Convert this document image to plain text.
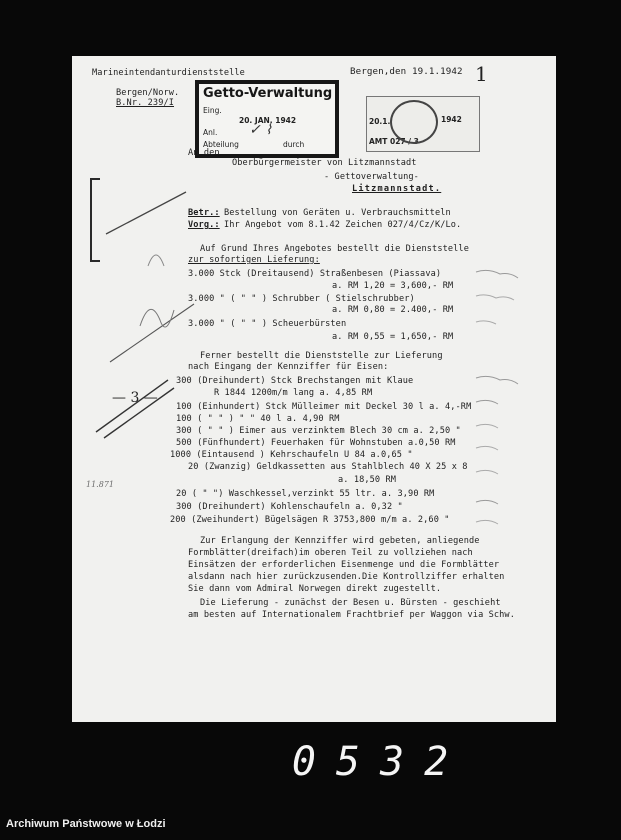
Marineintendanturdienststelle
Bergen/Norw.
B.Nr. 239/I
Bergen,den 19.1.1942 1
Getto-Verwaltung
Eing.
20. JAN. 1942
Anl.
Abteilung	durch
✓ ⌇
20.1.	1942
AMT 027 / 3
An den
Oberbürgermeister von Litzmannstadt
- Gettoverwaltung-
Litzmannstadt.
— 3 —
11.871
Betr.: Bestellung von Geräten u. Verbrauchsmitteln
Vorg.: Ihr Angebot vom 8.1.42 Zeichen 027/4/Cz/K/Lo.
Auf Grund Ihres Angebotes bestellt die Dienststelle
zur sofortigen Lieferung:
3.000 Stck (Dreitausend) Straßenbesen (Piassava)
a. RM 1,20 = 3,600,- RM
3.000 " ( " " ) Schrubber ( Stielschrubber)
a. RM 0,80 = 2.400,- RM
3.000 " ( " " ) Scheuerbürsten
a. RM 0,55 = 1,650,- RM
Ferner bestellt die Dienststelle zur Lieferung
nach Eingang der Kennziffer für Eisen:
300 (Dreihundert) Stck Brechstangen mit Klaue
R 1844 1200m/m lang a. 4,85 RM
100 (Einhundert) Stck Mülleimer mit Deckel 30 l a. 4,-RM
100 ( " " ) " " 40 l a. 4,90 RM
300 ( " " ) Eimer aus verzinktem Blech 30 cm a. 2,50 "
500 (Fünfhundert) Feuerhaken für Wohnstuben a.0,50 RM
1000 (Eintausend ) Kehrschaufeln U 84 a.0,65 "
20 (Zwanzig) Geldkassetten aus Stahlblech 40 X 25 x 8
a. 18,50 RM
20 ( " ") Waschkessel,verzinkt 55 ltr. a. 3,90 RM
300 (Dreihundert) Kohlenschaufeln a. 0,32 "
200 (Zweihundert) Bügelsägen R 3753,800 m/m a. 2,60 "
Zur Erlangung der Kennziffer wird gebeten, anliegende
Formblätter(dreifach)im oberen Teil zu vollziehen nach
Einsätzen der erforderlichen Eisenmenge und die Formblätter
alsdann nach hier zurückzusenden.Die Kontrollziffer erhalten
Sie dann vom Admiral Norwegen direkt zugestellt.
Die Lieferung - zunächst der Besen u. Bürsten - geschieht
am besten auf Internationalem Frachtbrief per Waggon via Schw.
0532
Archiwum Państwowe w Łodzi
